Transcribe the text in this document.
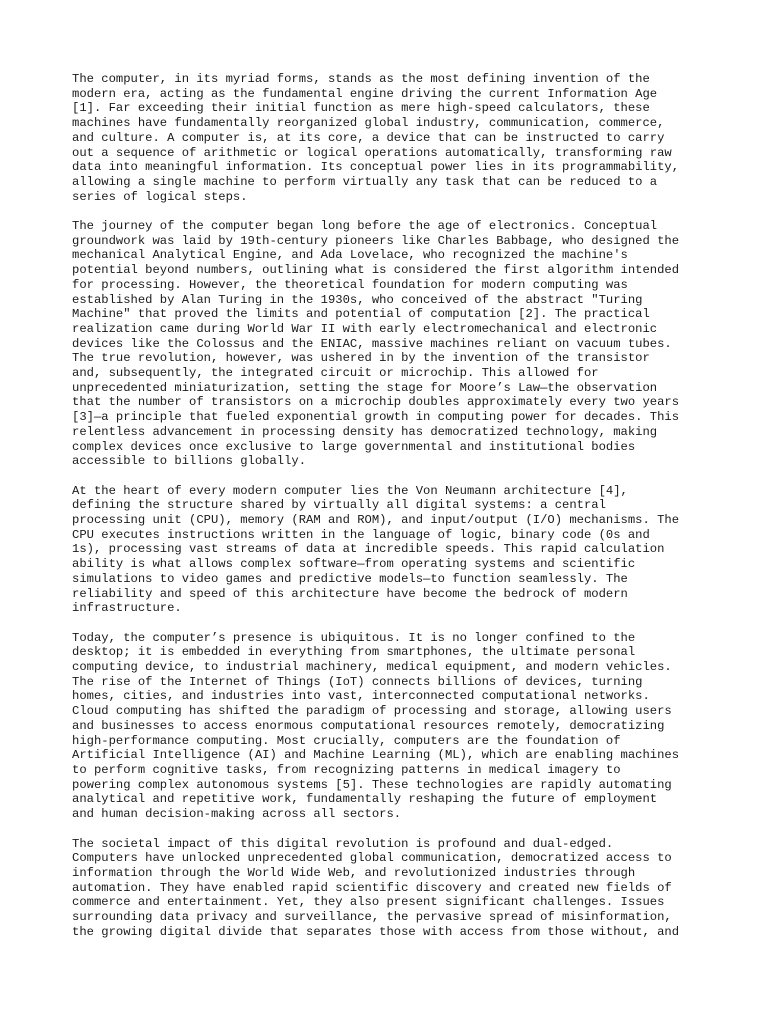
The computer, in its myriad forms, stands as the most defining invention of the
modern era, acting as the fundamental engine driving the current Information Age
[1]. Far exceeding their initial function as mere high-speed calculators, these
machines have fundamentally reorganized global industry, communication, commerce,
and culture. A computer is, at its core, a device that can be instructed to carry
out a sequence of arithmetic or logical operations automatically, transforming raw
data into meaningful information. Its conceptual power lies in its programmability,
allowing a single machine to perform virtually any task that can be reduced to a
series of logical steps.
The journey of the computer began long before the age of electronics. Conceptual
groundwork was laid by 19th-century pioneers like Charles Babbage, who designed the
mechanical Analytical Engine, and Ada Lovelace, who recognized the machine's
potential beyond numbers, outlining what is considered the first algorithm intended
for processing. However, the theoretical foundation for modern computing was
established by Alan Turing in the 1930s, who conceived of the abstract "Turing
Machine" that proved the limits and potential of computation [2]. The practical
realization came during World War II with early electromechanical and electronic
devices like the Colossus and the ENIAC, massive machines reliant on vacuum tubes.
The true revolution, however, was ushered in by the invention of the transistor
and, subsequently, the integrated circuit or microchip. This allowed for
unprecedented miniaturization, setting the stage for Moore’s Law—the observation
that the number of transistors on a microchip doubles approximately every two years
[3]—a principle that fueled exponential growth in computing power for decades. This
relentless advancement in processing density has democratized technology, making
complex devices once exclusive to large governmental and institutional bodies
accessible to billions globally.
At the heart of every modern computer lies the Von Neumann architecture [4],
defining the structure shared by virtually all digital systems: a central
processing unit (CPU), memory (RAM and ROM), and input/output (I/O) mechanisms. The
CPU executes instructions written in the language of logic, binary code (0s and
1s), processing vast streams of data at incredible speeds. This rapid calculation
ability is what allows complex software—from operating systems and scientific
simulations to video games and predictive models—to function seamlessly. The
reliability and speed of this architecture have become the bedrock of modern
infrastructure.
Today, the computer’s presence is ubiquitous. It is no longer confined to the
desktop; it is embedded in everything from smartphones, the ultimate personal
computing device, to industrial machinery, medical equipment, and modern vehicles.
The rise of the Internet of Things (IoT) connects billions of devices, turning
homes, cities, and industries into vast, interconnected computational networks.
Cloud computing has shifted the paradigm of processing and storage, allowing users
and businesses to access enormous computational resources remotely, democratizing
high-performance computing. Most crucially, computers are the foundation of
Artificial Intelligence (AI) and Machine Learning (ML), which are enabling machines
to perform cognitive tasks, from recognizing patterns in medical imagery to
powering complex autonomous systems [5]. These technologies are rapidly automating
analytical and repetitive work, fundamentally reshaping the future of employment
and human decision-making across all sectors.
The societal impact of this digital revolution is profound and dual-edged.
Computers have unlocked unprecedented global communication, democratized access to
information through the World Wide Web, and revolutionized industries through
automation. They have enabled rapid scientific discovery and created new fields of
commerce and entertainment. Yet, they also present significant challenges. Issues
surrounding data privacy and surveillance, the pervasive spread of misinformation,
the growing digital divide that separates those with access from those without, and
